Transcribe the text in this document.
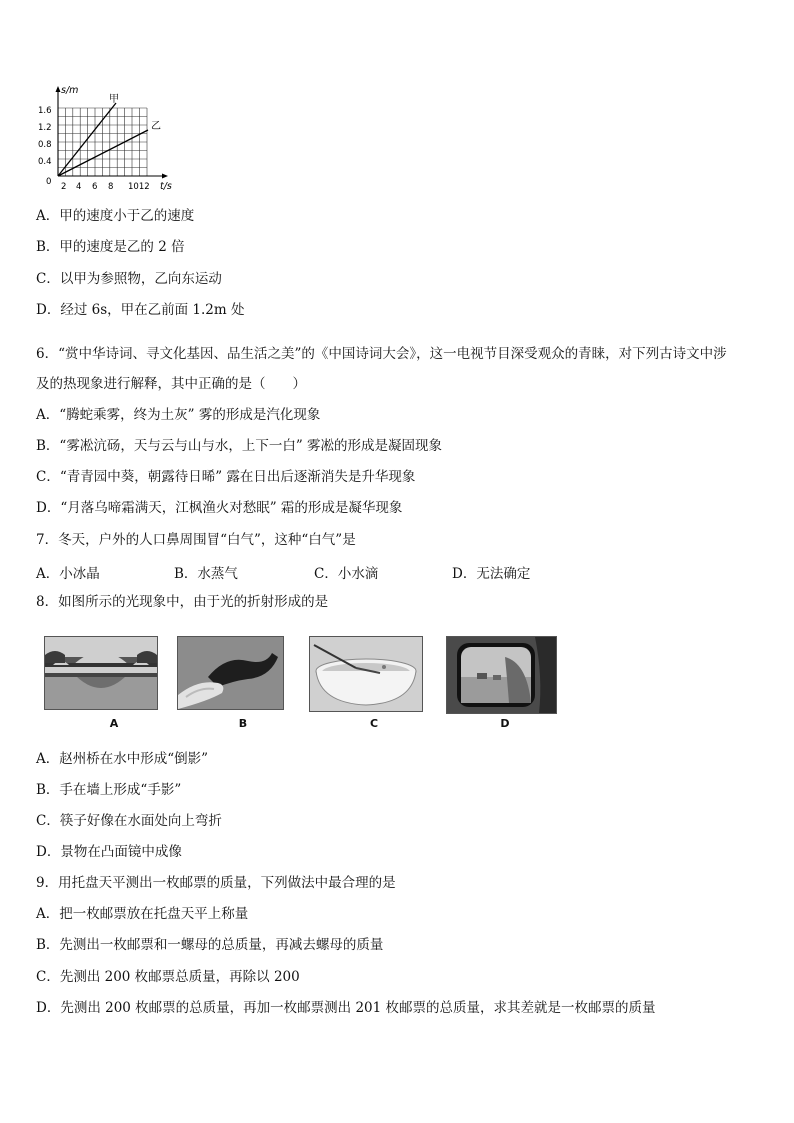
s/m
t/s
甲
乙
1.6
1.2
0.8
0.4
0 2 4 6 8 1012
A．甲的速度小于乙的速度
B．甲的速度是乙的 2 倍
C．以甲为参照物，乙向东运动
D．经过 6s，甲在乙前面 1.2m 处
6．“赏中华诗词、寻文化基因、品生活之美”的《中国诗词大会》，这一电视节目深受观众的青睐，对下列古诗文中涉
及的热现象进行解释，其中正确的是（　　）
A．“腾蛇乘雾，终为土灰” 雾的形成是汽化现象
B．“雾凇沆砀，天与云与山与水，上下一白” 雾凇的形成是凝固现象
C．“青青园中葵，朝露待日晞” 露在日出后逐渐消失是升华现象
D．“月落乌啼霜满天，江枫渔火对愁眠” 霜的形成是凝华现象
7．冬天，户外的人口鼻周围冒“白气”，这种“白气”是
A．小冰晶	B．水蒸气	C．小水滴	D．无法确定
8．如图所示的光现象中，由于光的折射形成的是
A	B	C	D
A．赵州桥在水中形成“倒影”
B．手在墙上形成“手影”
C．筷子好像在水面处向上弯折
D．景物在凸面镜中成像
9．用托盘天平测出一枚邮票的质量，下列做法中最合理的是
A．把一枚邮票放在托盘天平上称量
B．先测出一枚邮票和一螺母的总质量，再减去螺母的质量
C．先测出 200 枚邮票总质量，再除以 200
D．先测出 200 枚邮票的总质量，再加一枚邮票测出 201 枚邮票的总质量，求其差就是一枚邮票的质量
